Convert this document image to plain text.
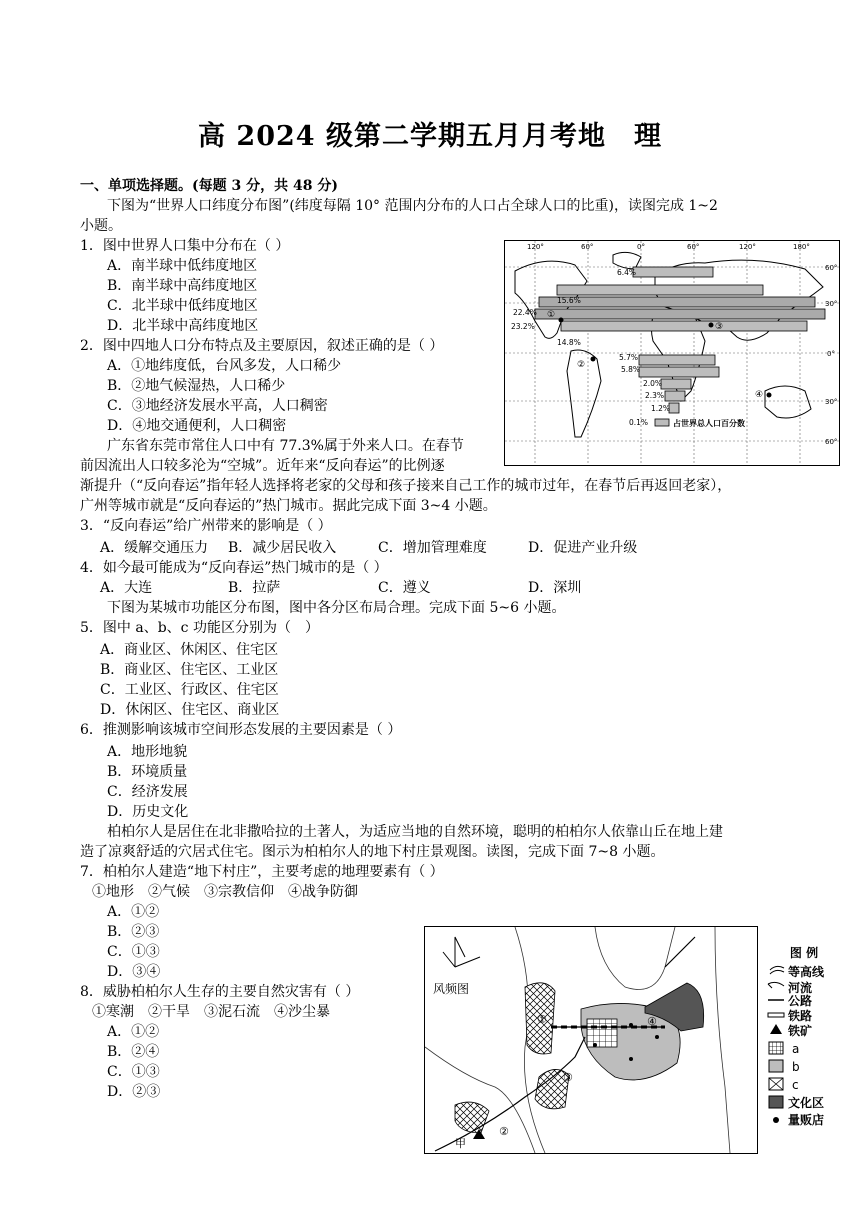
高 2024 级第二学期五月月考地　理
一、单项选择题。(每题 3 分，共 48 分)
下图为“世界人口纬度分布图”(纬度每隔 10° 范围内分布的人口占全球人口的比重)，读图完成 1~2
小题。
1．图中世界人口集中分布在（ ）
A．南半球中低纬度地区
B．南半球中高纬度地区
C．北半球中低纬度地区
D．北半球中高纬度地区
2．图中四地人口分布特点及主要原因，叙述正确的是（ ）
A．①地纬度低，台风多发，人口稀少
B．②地气候湿热，人口稀少
C．③地经济发展水平高，人口稠密
D．④地交通便利，人口稠密
广东省东莞市常住人口中有 77.3%属于外来人口。在春节
前因流出人口较多沦为“空城”。近年来“反向春运”的比例逐
渐提升（“反向春运”指年轻人选择将老家的父母和孩子接来自己工作的城市过年，在春节后再返回老家），
广州等城市就是“反向春运的”热门城市。据此完成下面 3~4 小题。
3．“反向春运”给广州带来的影响是（ ）
A．缓解交通压力 B．减少居民收入	C．增加管理难度	D．促进产业升级
4．如今最可能成为“反向春运”热门城市的是（ ）
A．大连	B．拉萨	C．遵义	D．深圳
下图为某城市功能区分布图，图中各分区布局合理。完成下面 5~6 小题。
5．图中 a、b、c 功能区分别为（　）
A．商业区、休闲区、住宅区
B．商业区、住宅区、工业区
C．工业区、行政区、住宅区
D．休闲区、住宅区、商业区
6．推测影响该城市空间形态发展的主要因素是（ ）
A．地形地貌
B．环境质量
C．经济发展
D．历史文化
柏柏尔人是居住在北非撒哈拉的土著人，为适应当地的自然环境，聪明的柏柏尔人依靠山丘在地上建
造了凉爽舒适的穴居式住宅。图示为柏柏尔人的地下村庄景观图。读图，完成下面 7~8 小题。
7．柏柏尔人建造“地下村庄”，主要考虑的地理要素有（ ）
①地形　②气候　③宗教信仰　④战争防御
A．①②
B．②③
C．①③
D．③④
8．威胁柏柏尔人生存的主要自然灾害有（ ）
①寒潮　②干旱　③泥石流　④沙尘暴
A．①②
B．②④
C．①③
D．②③
120°	60°	0°	60°	120°	180°
60°
30°
0°
30°
60°
6.4%
15.6%
22.4%
23.2%
14.8%
5.7%
5.8%
2.0%
2.3%
1.2%
0.1%
①
②
③
④
占世界总人口百分数
风频图
甲
①
②
③
④
图 例
等高线
河流
公路
铁路
铁矿
a
b
c
文化区
量贩店
